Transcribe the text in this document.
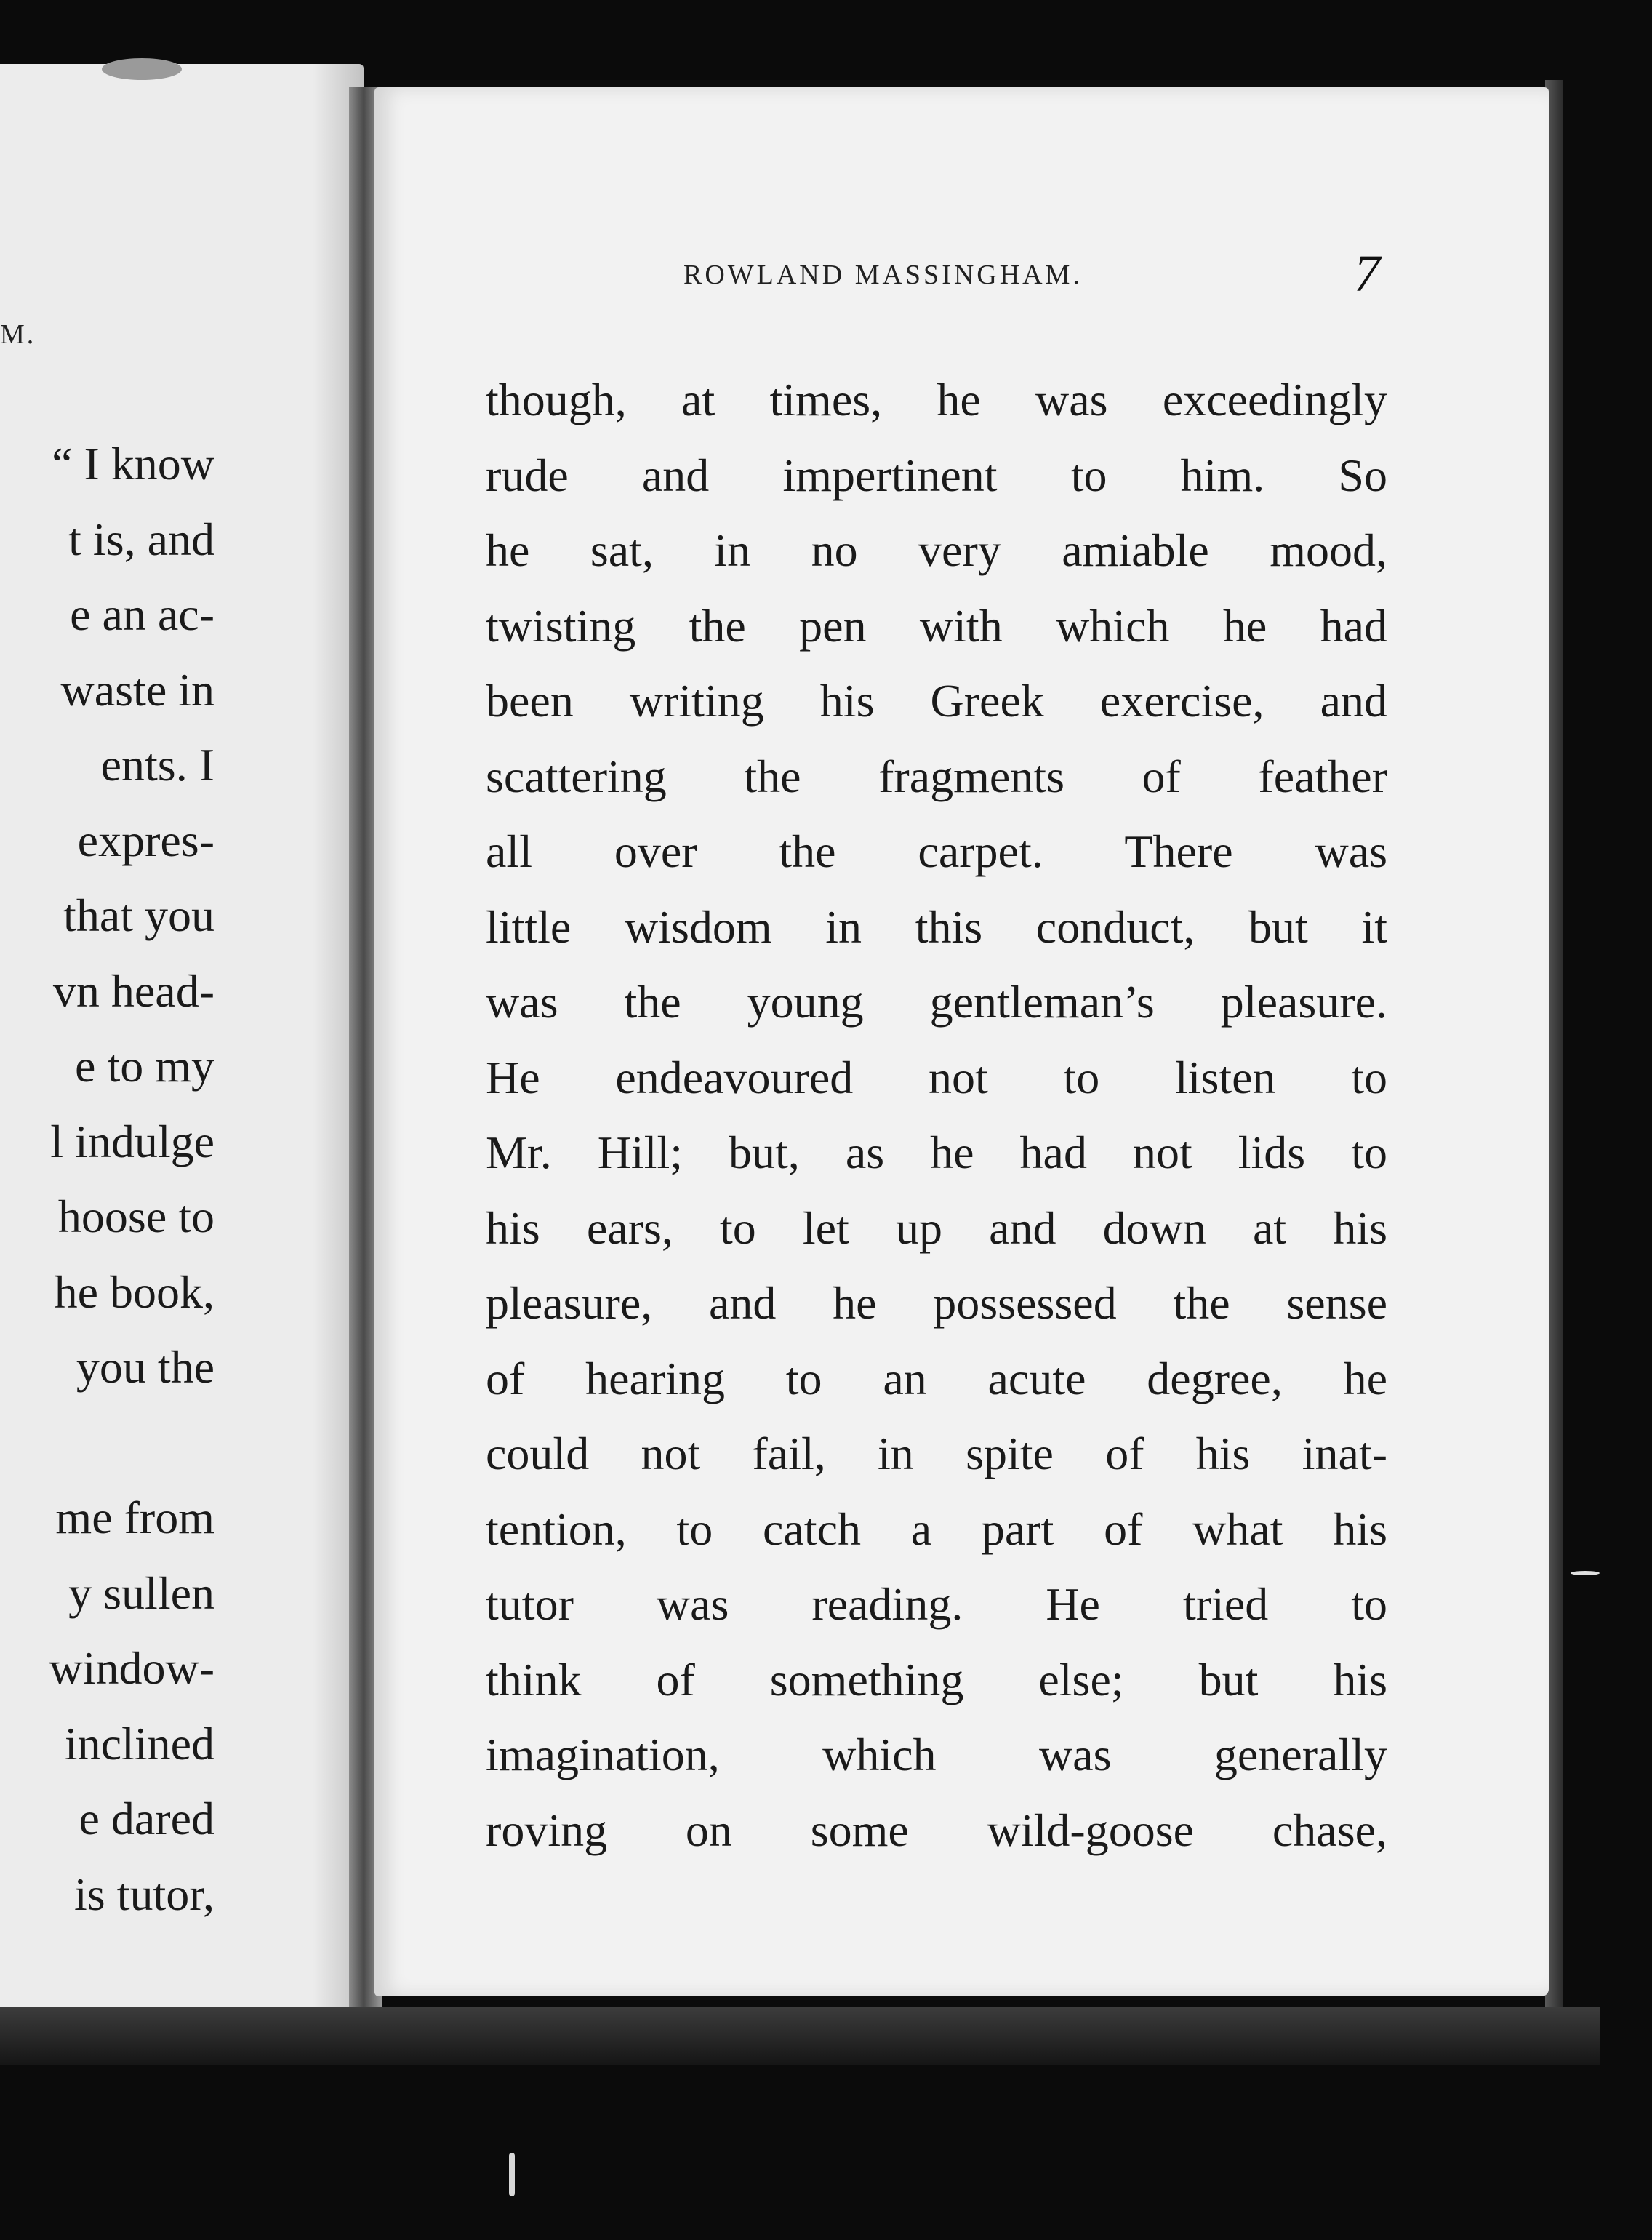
M.
“ I know
t is, and
e an ac-
waste in
ents. I
expres-
that you
vn head-
e to my
l indulge
hoose to
he book,
you the
me from
y sullen
window-
inclined
e dared
is tutor,
ROWLAND MASSINGHAM.	7
though, at times, he was exceedingly
rude and impertinent to him. So
he sat, in no very amiable mood,
twisting the pen with which he had
been writing his Greek exercise, and
scattering the fragments of feather
all over the carpet. There was
little wisdom in this conduct, but it
was the young gentleman’s pleasure.
He endeavoured not to listen to
Mr. Hill; but, as he had not lids to
his ears, to let up and down at his
pleasure, and he possessed the sense
of hearing to an acute degree, he
could not fail, in spite of his inat-
tention, to catch a part of what his
tutor was reading. He tried to
think of something else; but his
imagination, which was generally
roving on some wild-goose chase,
